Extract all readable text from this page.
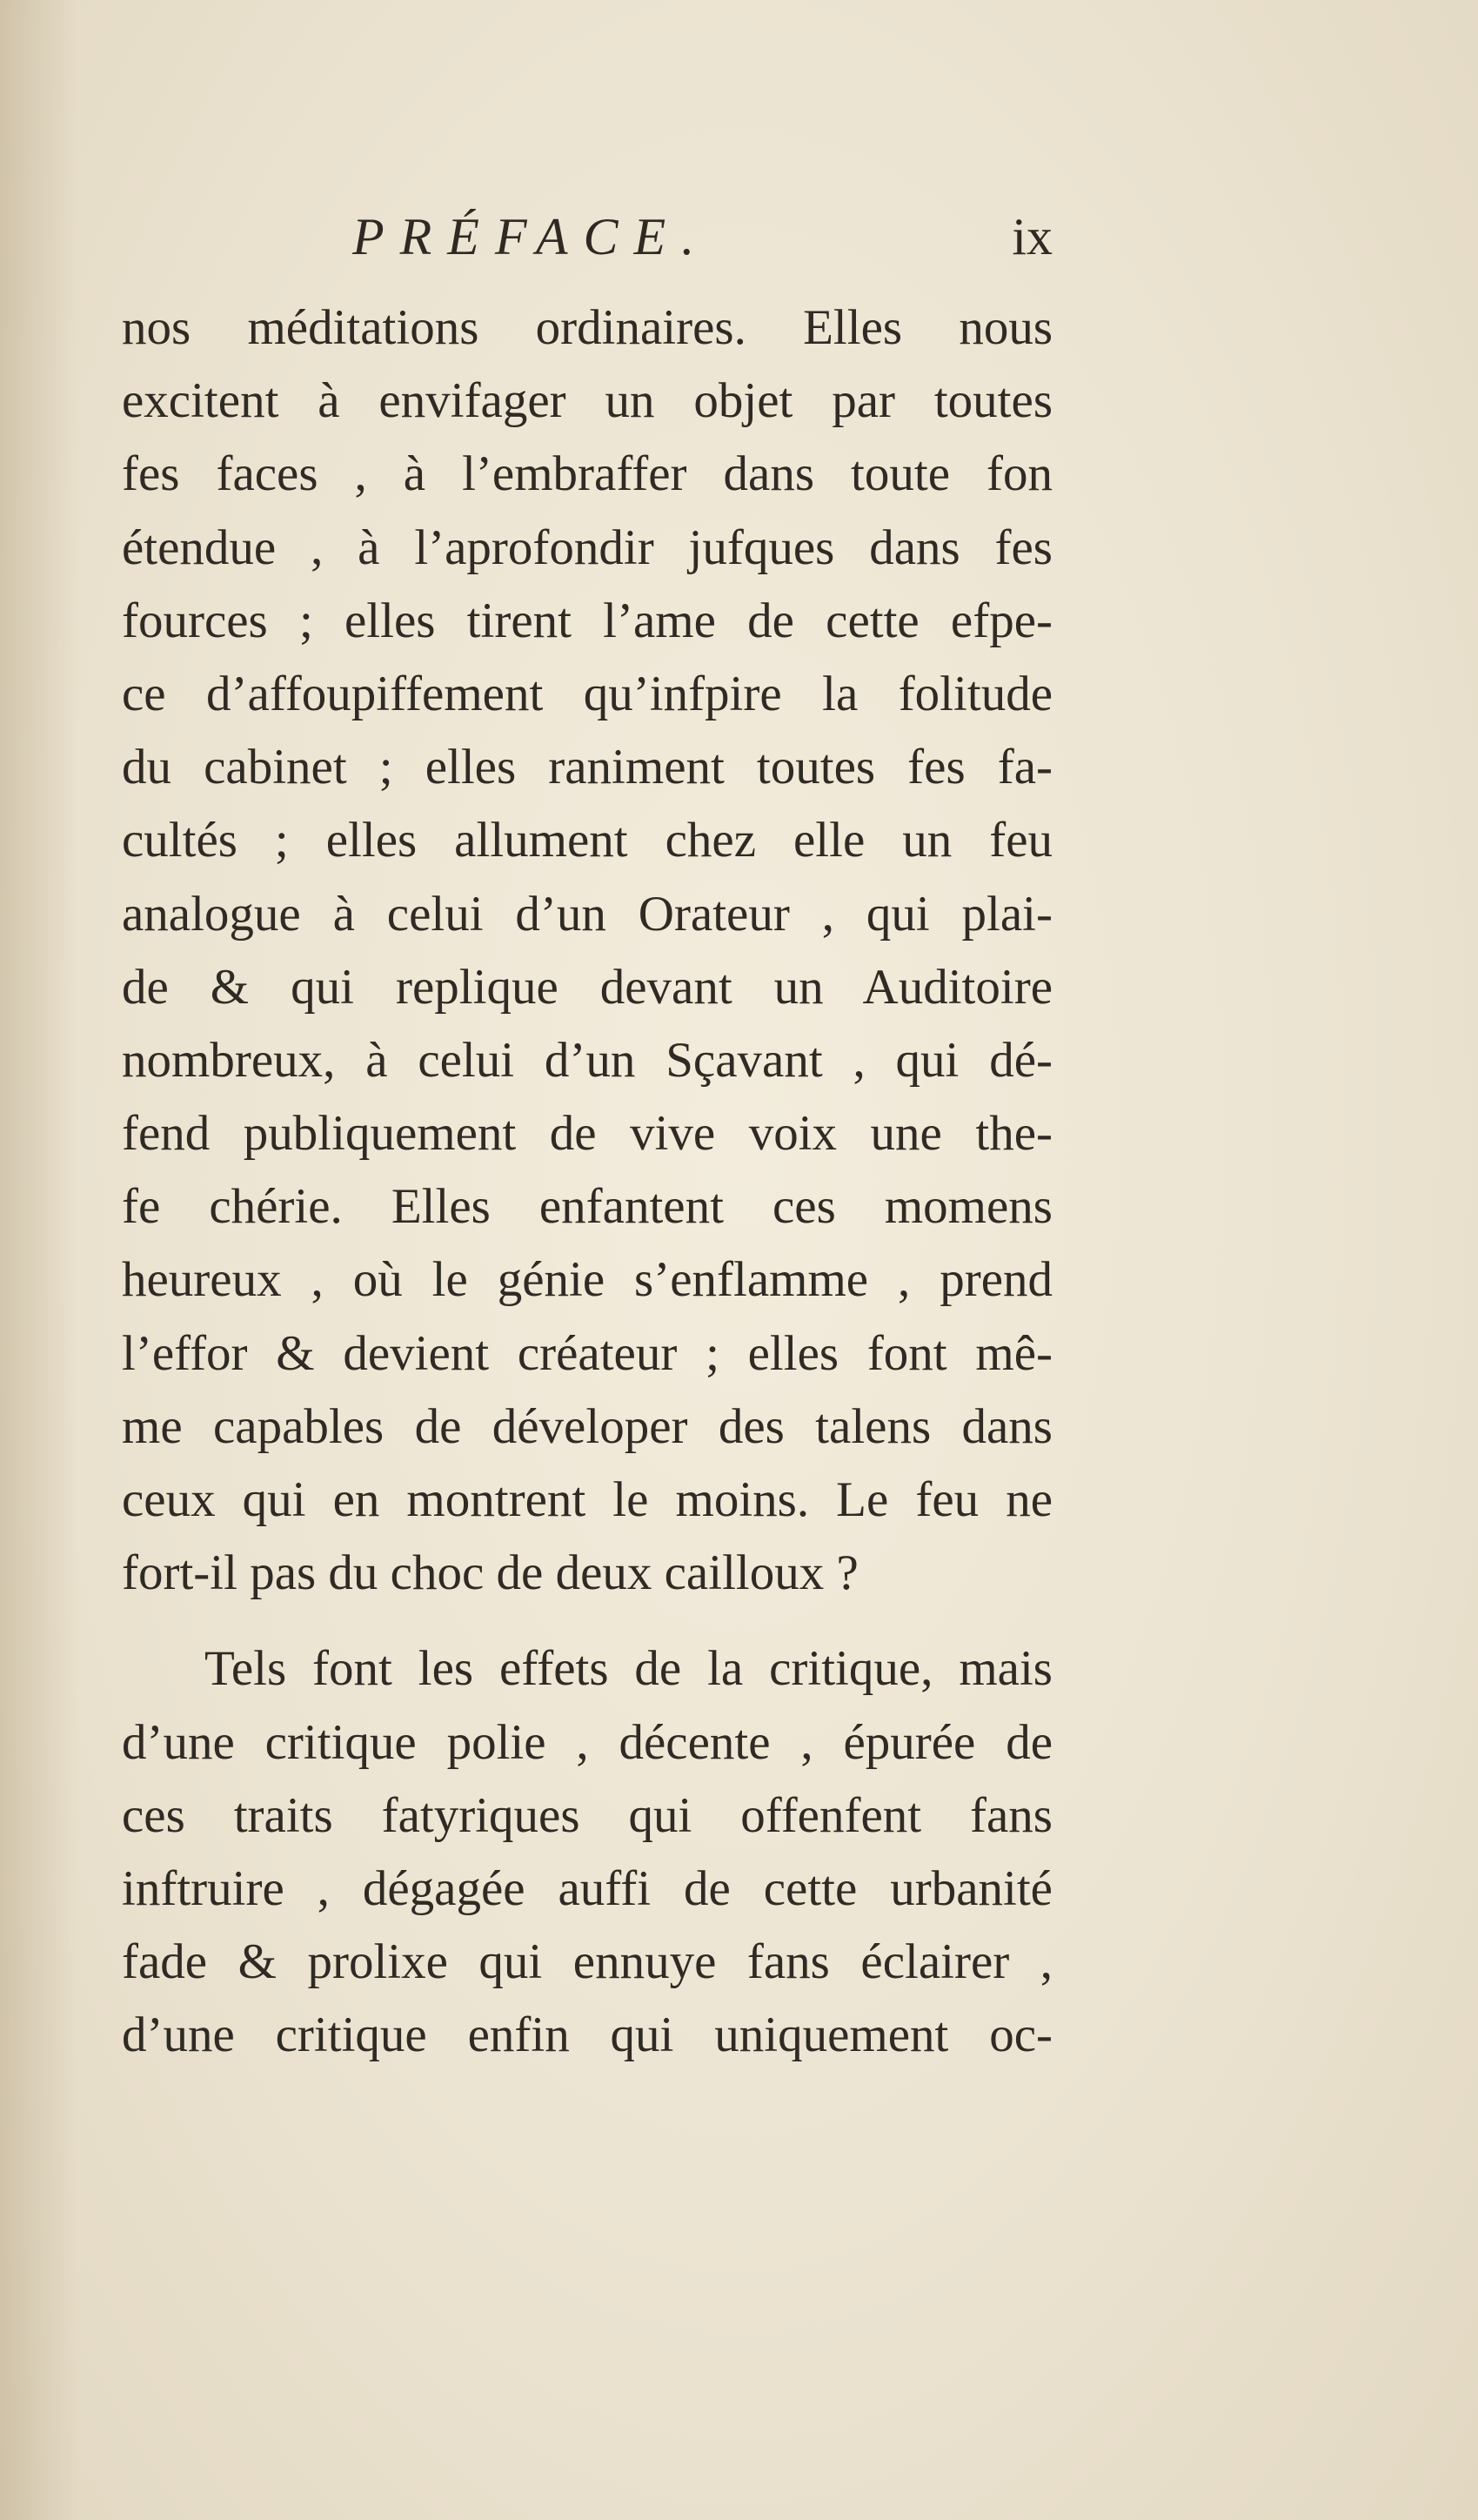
PRÉFACE.	ix
nos méditations ordinaires. Elles nous
excitent à envifager un objet par toutes
fes faces , à l’embraffer dans toute fon
étendue , à l’aprofondir jufques dans fes
fources ; elles tirent l’ame de cette efpe-
ce d’affoupiffement qu’infpire la folitude
du cabinet ; elles raniment toutes fes fa-
cultés ; elles allument chez elle un feu
analogue à celui d’un Orateur , qui plai-
de & qui replique devant un Auditoire
nombreux, à celui d’un Sçavant , qui dé-
fend publiquement de vive voix une the-
fe chérie. Elles enfantent ces momens
heureux , où le génie s’enflamme , prend
l’effor & devient créateur ; elles font mê-
me capables de déveloper des talens dans
ceux qui en montrent le moins. Le feu ne
fort-il pas du choc de deux cailloux ?
Tels font les effets de la critique, mais
d’une critique polie , décente , épurée de
ces traits fatyriques qui offenfent fans
inftruire , dégagée auffi de cette urbanité
fade & prolixe qui ennuye fans éclairer ,
d’une critique enfin qui uniquement oc-
